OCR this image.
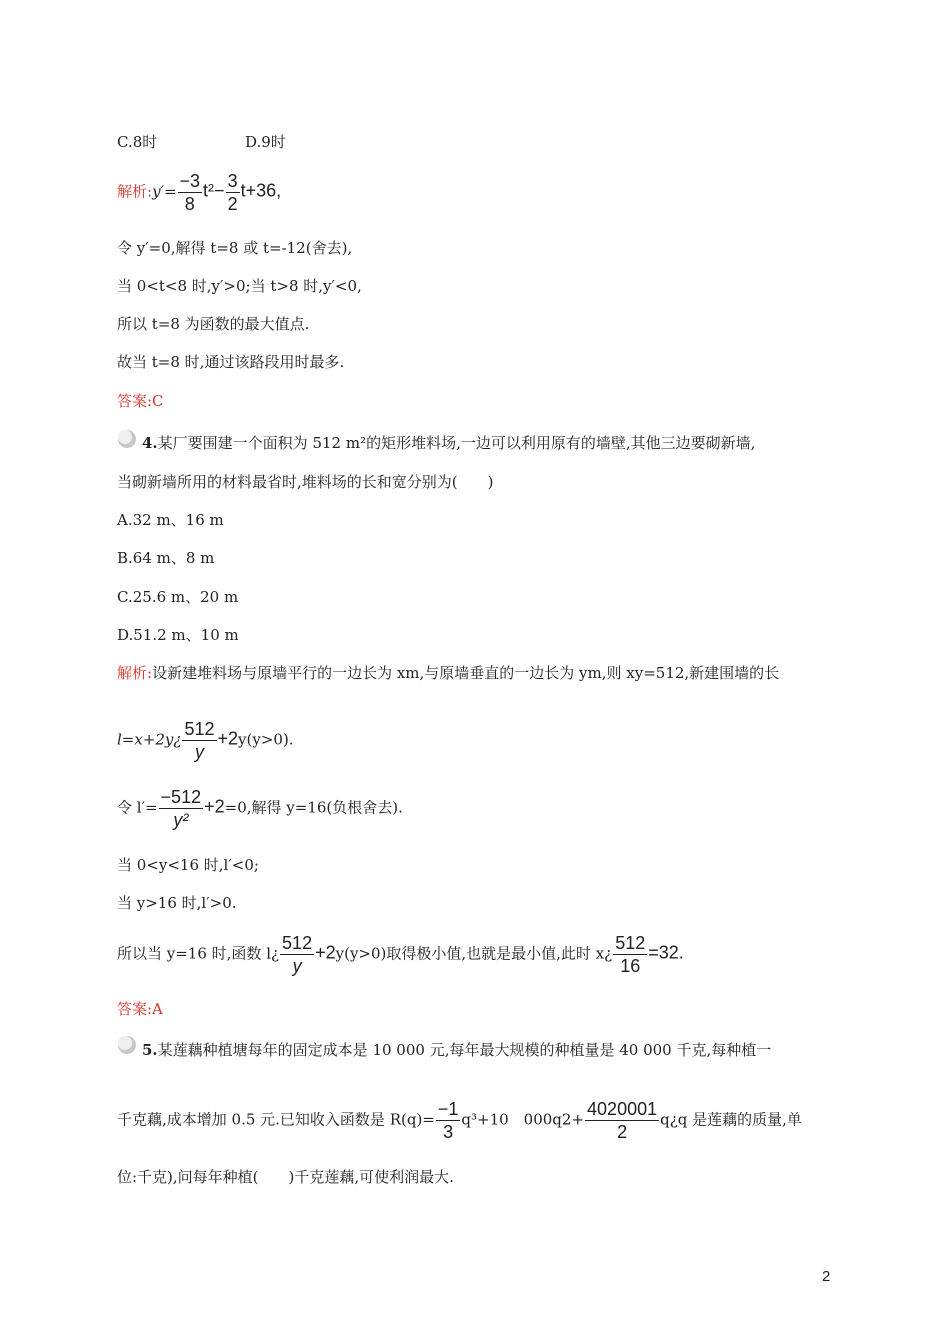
C.8时	D.9时
解析:y′= $\frac{-3}{8} t^2- \frac{3}{2} t+36$,
令 y′=0,解得 t=8 或 t=-12(舍去),
当 0<t<8 时,y′>0;当 t>8 时,y′<0,
所以 t=8 为函数的最大值点.
故当 t=8 时,通过该路段用时最多.
答案:C
4.某厂要围建一个面积为 512 m²的矩形堆料场,一边可以利用原有的墙壁,其他三边要砌新墙,
当砌新墙所用的材料最省时,堆料场的长和宽分别为(　　)
A.32 m、16 m
B.64 m、8 m
C.25.6 m、20 m
D.51.2 m、10 m
解析:设新建堆料场与原墙平行的一边长为 xm,与原墙垂直的一边长为 ym,则 xy=512,新建围墙的长
l=x+2y¿ $\frac{512}{y} +2y(y>0)$.
令 $l'= \frac{-512}{\text{y²}} +2=0$,解得 y=16(负根舍去).
当 0<y<16 时,l′<0;
当 y>16 时,l′>0.
所以当 y=16 时,函数 l¿ $\frac{512}{y} +2y(y>0)$取得极小值,也就是最小值,此时 x¿ $\frac{512}{16} =32$.
答案:A
5.某莲藕种植塘每年的固定成本是 10 000 元,每年最大规模的种植量是 40 000 千克,每种植一
千克藕,成本增加 0.5 元.已知收入函数是 $R(q)= \frac{-1}{3} q^3+10$　$000q2+ \frac{4020001}{2}$ q¿q 是莲藕的质量,单
位:千克),问每年种植(　　)千克莲藕,可使利润最大.
2
